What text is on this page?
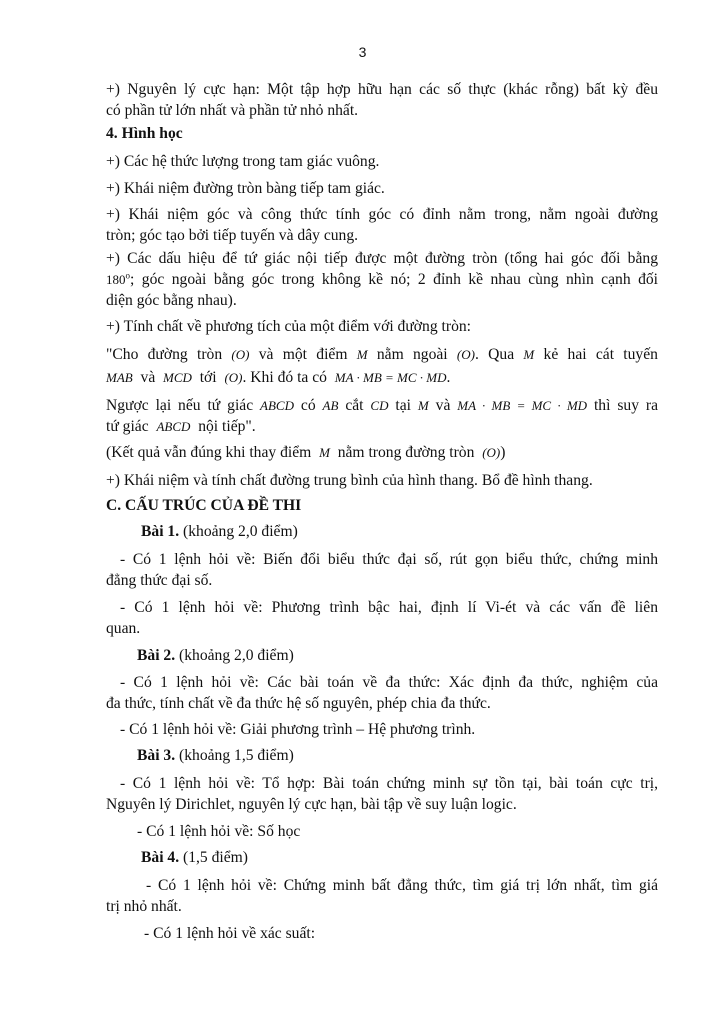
3
+) Nguyên lý cực hạn: Một tập hợp hữu hạn các số thực (khác rỗng) bất kỳ đều
có phần tử lớn nhất và phần tử nhỏ nhất.
4. Hình học
+) Các hệ thức lượng trong tam giác vuông.
+) Khái niệm đường tròn bàng tiếp tam giác.
+) Khái niệm góc và công thức tính góc có đỉnh nằm trong, nằm ngoài đường
tròn; góc tạo bởi tiếp tuyến và dây cung.
+) Các dấu hiệu để tứ giác nội tiếp được một đường tròn (tổng hai góc đối bằng
180$^o$; góc ngoài bằng góc trong không kề nó; 2 đỉnh kề nhau cùng nhìn cạnh đối
diện góc bằng nhau).
+) Tính chất về phương tích của một điểm với đường tròn:
"Cho đường tròn (O) và một điểm M nằm ngoài (O). Qua M kẻ hai cát tuyến
MAB và MCD tới (O). Khi đó ta có MA · MB = MC · MD.
Ngược lại nếu tứ giác ABCD có AB cắt CD tại M và MA · MB = MC · MD thì suy ra
tứ giác ABCD nội tiếp".
(Kết quả vẫn đúng khi thay điểm M nằm trong đường tròn (O))
+) Khái niệm và tính chất đường trung bình của hình thang. Bổ đề hình thang.
C. CẤU TRÚC CỦA ĐỀ THI
Bài 1. (khoảng 2,0 điểm)
- Có 1 lệnh hỏi về: Biến đổi biểu thức đại số, rút gọn biểu thức, chứng minh
đẳng thức đại số.
- Có 1 lệnh hỏi về: Phương trình bậc hai, định lí Vi-ét và các vấn đề liên
quan.
Bài 2. (khoảng 2,0 điểm)
- Có 1 lệnh hỏi về: Các bài toán về đa thức: Xác định đa thức, nghiệm của
đa thức, tính chất về đa thức hệ số nguyên, phép chia đa thức.
- Có 1 lệnh hỏi về: Giải phương trình – Hệ phương trình.
Bài 3. (khoảng 1,5 điểm)
- Có 1 lệnh hỏi về: Tổ hợp: Bài toán chứng minh sự tồn tại, bài toán cực trị,
Nguyên lý Dirichlet, nguyên lý cực hạn, bài tập về suy luận logic.
- Có 1 lệnh hỏi về: Số học
Bài 4. (1,5 điểm)
- Có 1 lệnh hỏi về: Chứng minh bất đẳng thức, tìm giá trị lớn nhất, tìm giá
trị nhỏ nhất.
- Có 1 lệnh hỏi về xác suất:
